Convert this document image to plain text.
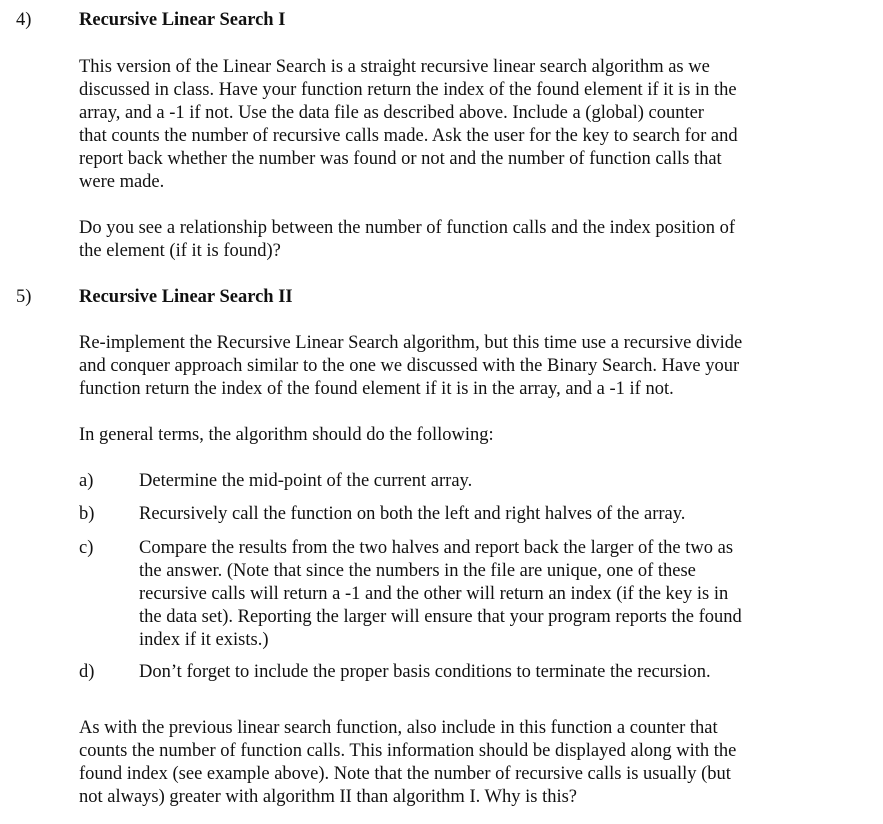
4)	Recursive Linear Search I
This version of the Linear Search is a straight recursive linear search algorithm as we
discussed in class. Have your function return the index of the found element if it is in the
array, and a -1 if not. Use the data file as described above. Include a (global) counter
that counts the number of recursive calls made. Ask the user for the key to search for and
report back whether the number was found or not and the number of function calls that
were made.
Do you see a relationship between the number of function calls and the index position of
the element (if it is found)?
5)	Recursive Linear Search II
Re-implement the Recursive Linear Search algorithm, but this time use a recursive divide
and conquer approach similar to the one we discussed with the Binary Search. Have your
function return the index of the found element if it is in the array, and a -1 if not.
In general terms, the algorithm should do the following:
a) Determine the mid-point of the current array.
b) Recursively call the function on both the left and right halves of the array.
c) Compare the results from the two halves and report back the larger of the two as
the answer. (Note that since the numbers in the file are unique, one of these
recursive calls will return a -1 and the other will return an index (if the key is in
the data set). Reporting the larger will ensure that your program reports the found
index if it exists.)
d) Don’t forget to include the proper basis conditions to terminate the recursion.
As with the previous linear search function, also include in this function a counter that
counts the number of function calls. This information should be displayed along with the
found index (see example above). Note that the number of recursive calls is usually (but
not always) greater with algorithm II than algorithm I. Why is this?
